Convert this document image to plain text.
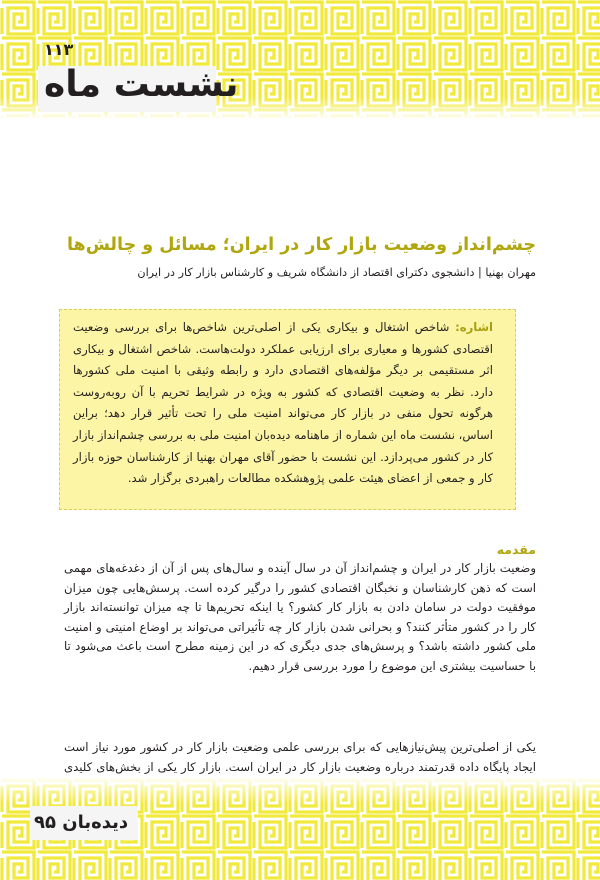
۱۱۳
نشست ماه
چشم‌انداز وضعیت بازار کار در ایران؛ مسائل و چالش‌ها
مهران بهنیا | دانشجوی دکترای اقتصاد از دانشگاه شریف و کارشناس بازار کار در ایران

اشاره: شاخص اشتغال و بیکاری یکی از اصلی‌ترین شاخص‌ها برای بررسی وضعیت اقتصادی کشورها و معیاری برای ارزیابی عملکرد دولت‌هاست. شاخص اشتغال و بیکاری اثر مستقیمی بر دیگر مؤلفه‌های اقتصادی دارد و رابطه وثیقی با امنیت ملی کشورها دارد. نظر به وضعیت اقتصادی که کشور به ویژه در شرایط تحریم با آن روبه‌روست هرگونه تحول منفی در بازار کار می‌تواند امنیت ملی را تحت تأثیر قرار دهد؛ براین اساس، نشست ماه این شماره از ماهنامه دیده‌بان امنیت ملی به بررسی چشم‌انداز بازار کار در کشور می‌پردازد. این نشست با حضور آقای مهران بهنیا از کارشناسان حوزه بازار کار و جمعی از اعضای هیئت علمی پژوهشکده مطالعات راهبردی برگزار شد.

مقدمه

وضعیت بازار کار در ایران و چشم‌انداز آن در سال آینده و سال‌های پس از آن از دغدغه‌های مهمی است که ذهن کارشناسان و نخبگان اقتصادی کشور را درگیر کرده است. پرسش‌هایی چون میزان موفقیت دولت در سامان دادن به بازار کار کشور؟ یا اینکه تحریم‌ها تا چه میزان توانسته‌اند بازار کار را در کشور متأثر کنند؟ و بحرانی شدن بازار کار چه تأثیراتی می‌تواند بر اوضاع امنیتی و امنیت ملی کشور داشته باشد؟ و پرسش‌های جدی دیگری که در این زمینه مطرح است باعث می‌شود تا با حساسیت بیشتری این موضوع را مورد بررسی قرار دهیم.

یکی از اصلی‌ترین پیش‌نیازهایی که برای بررسی علمی وضعیت بازار کار در کشور مورد نیاز است ایجاد پایگاه داده قدرتمند درباره وضعیت بازار کار در ایران است. بازار کار یکی از بخش‌های کلیدی

دیده‌بان ۹۵
